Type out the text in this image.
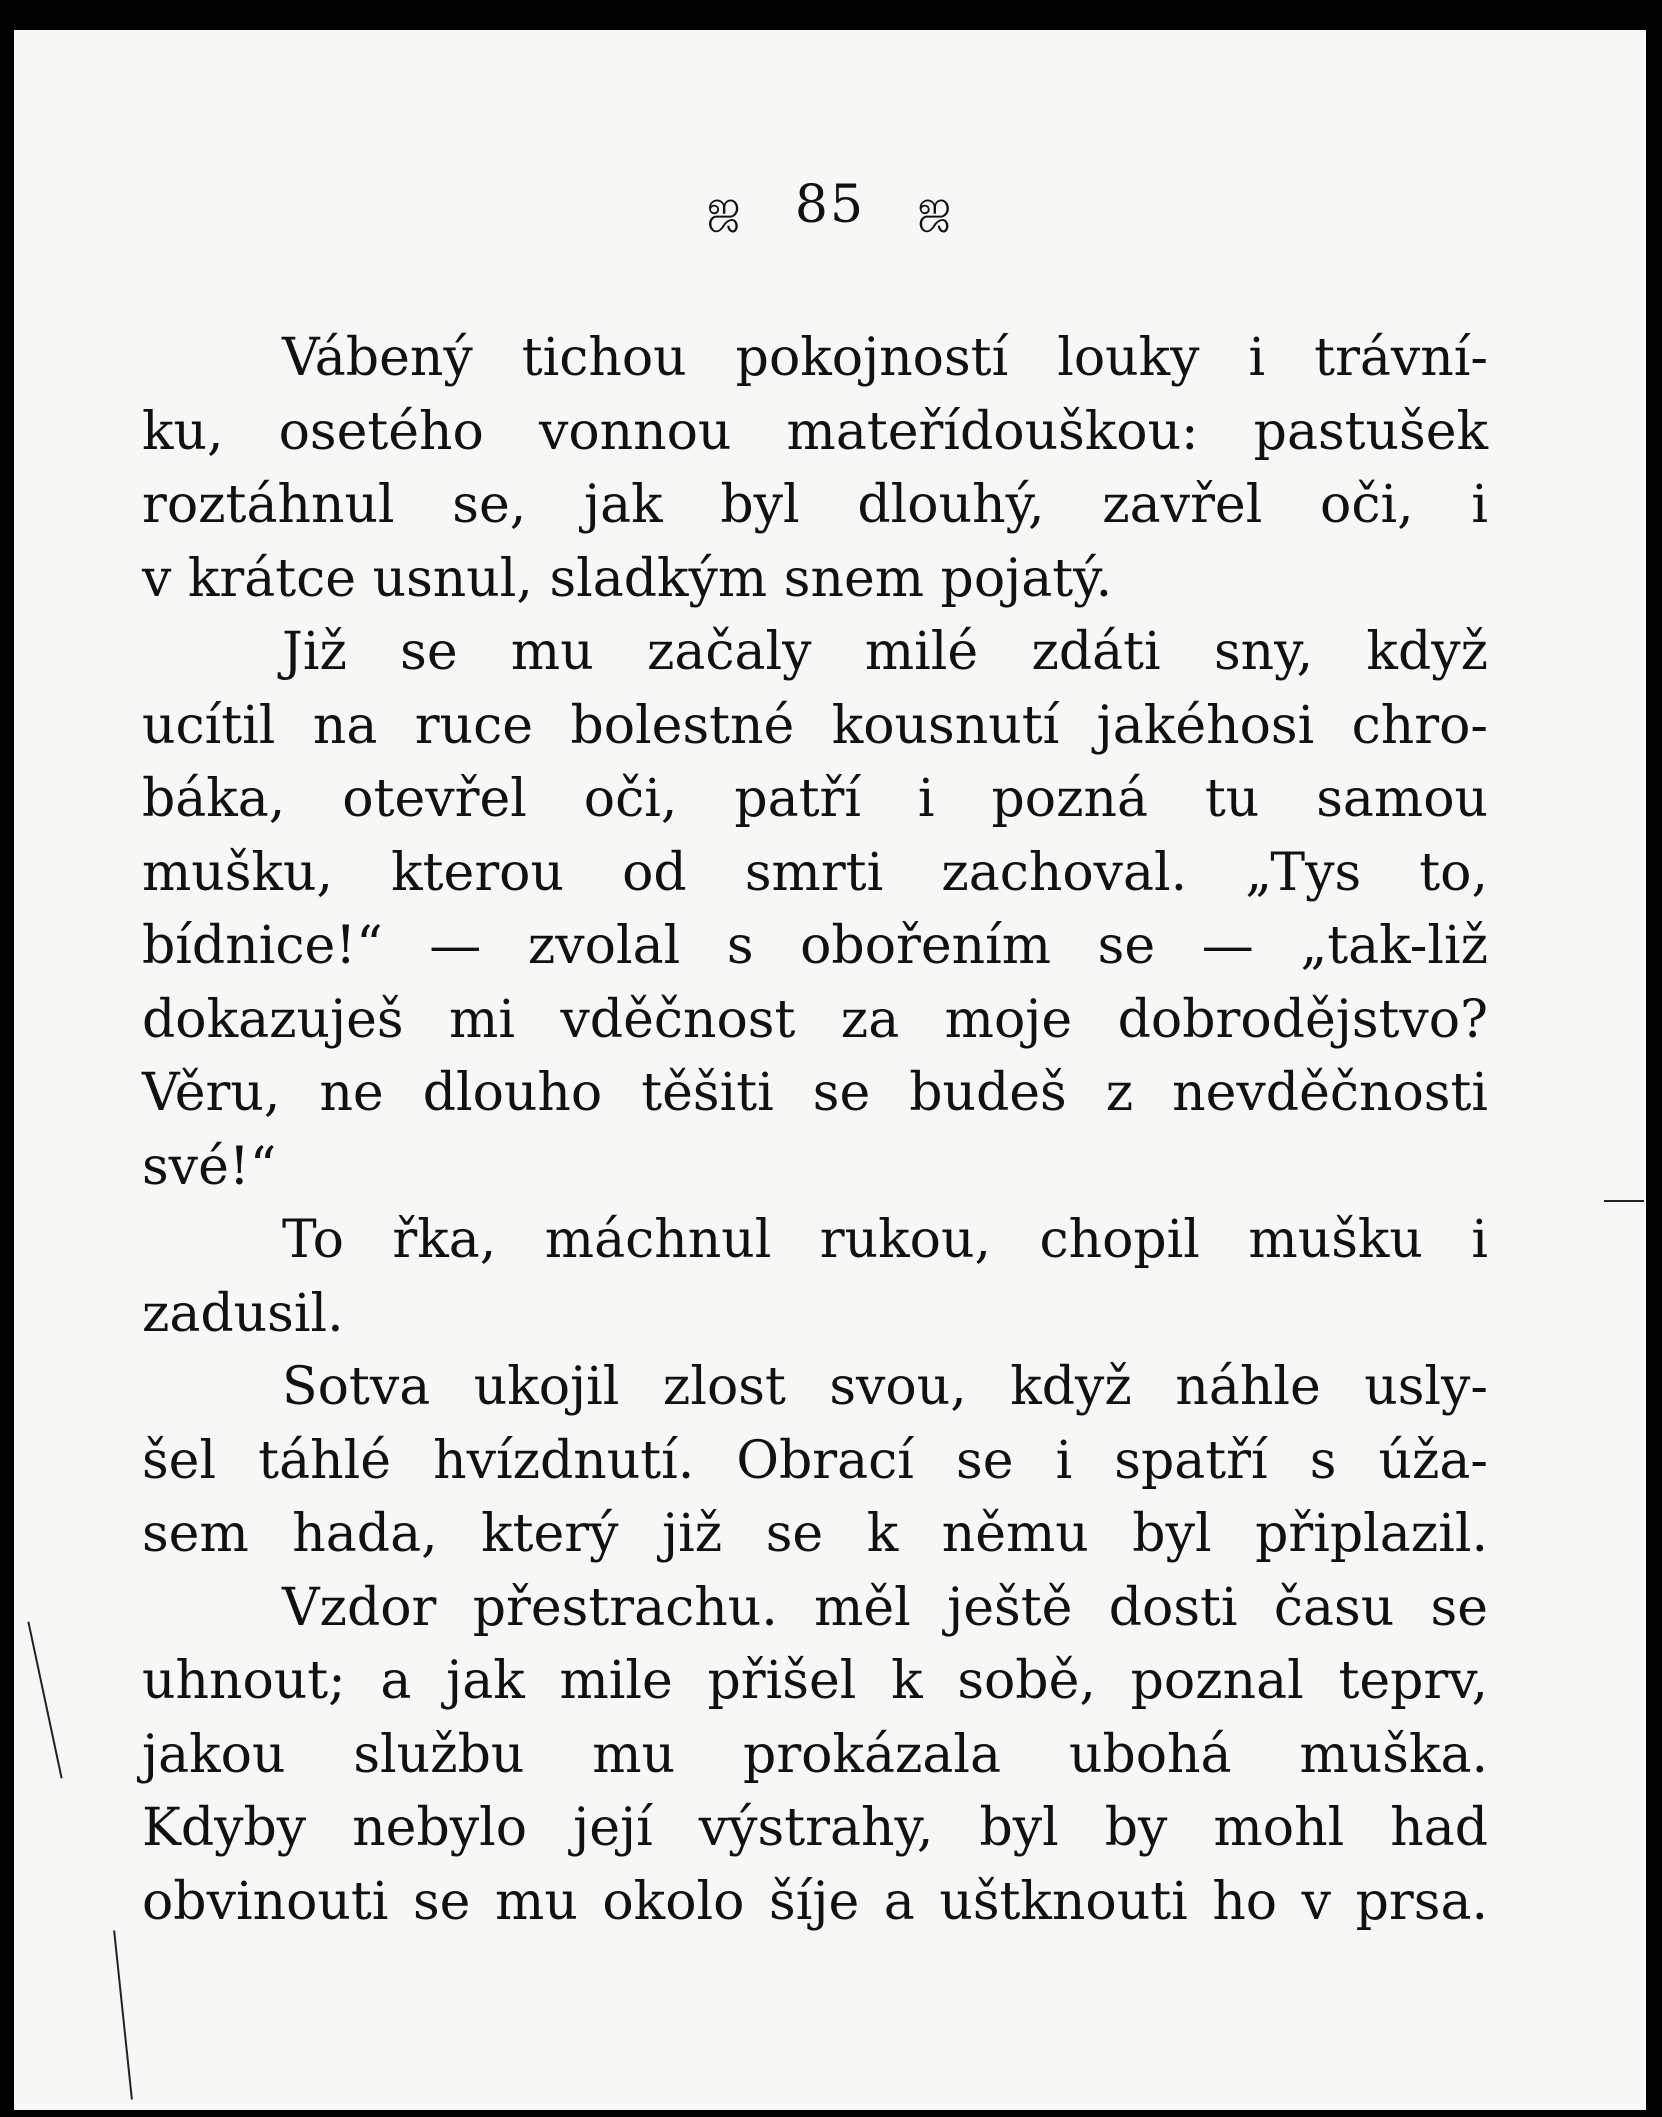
ஜ 85 ஜ
Vábený tichou pokojností louky i trávní-
ku, osetého vonnou mateřídouškou: pastušek
roztáhnul se, jak byl dlouhý, zavřel oči, i
v krátce usnul, sladkým snem pojatý.
Již se mu začaly milé zdáti sny, když
ucítil na ruce bolestné kousnutí jakéhosi chro-
báka, otevřel oči, patří i pozná tu samou
mušku, kterou od smrti zachoval. „Tys to,
bídnice!“ — zvolal s obořením se — „tak-liž
dokazuješ mi vděčnost za moje dobrodějstvo?
Věru, ne dlouho těšiti se budeš z nevděčnosti
své!“
To řka, máchnul rukou, chopil mušku i
zadusil.
Sotva ukojil zlost svou, když náhle usly-
šel táhlé hvízdnutí. Obrací se i spatří s úža-
sem hada, který již se k němu byl připlazil.
Vzdor přestrachu. měl ještě dosti času se
uhnout; a jak mile přišel k sobě, poznal teprv,
jakou službu mu prokázala ubohá muška.
Kdyby nebylo její výstrahy, byl by mohl had
obvinouti se mu okolo šíje a uštknouti ho v prsa.
